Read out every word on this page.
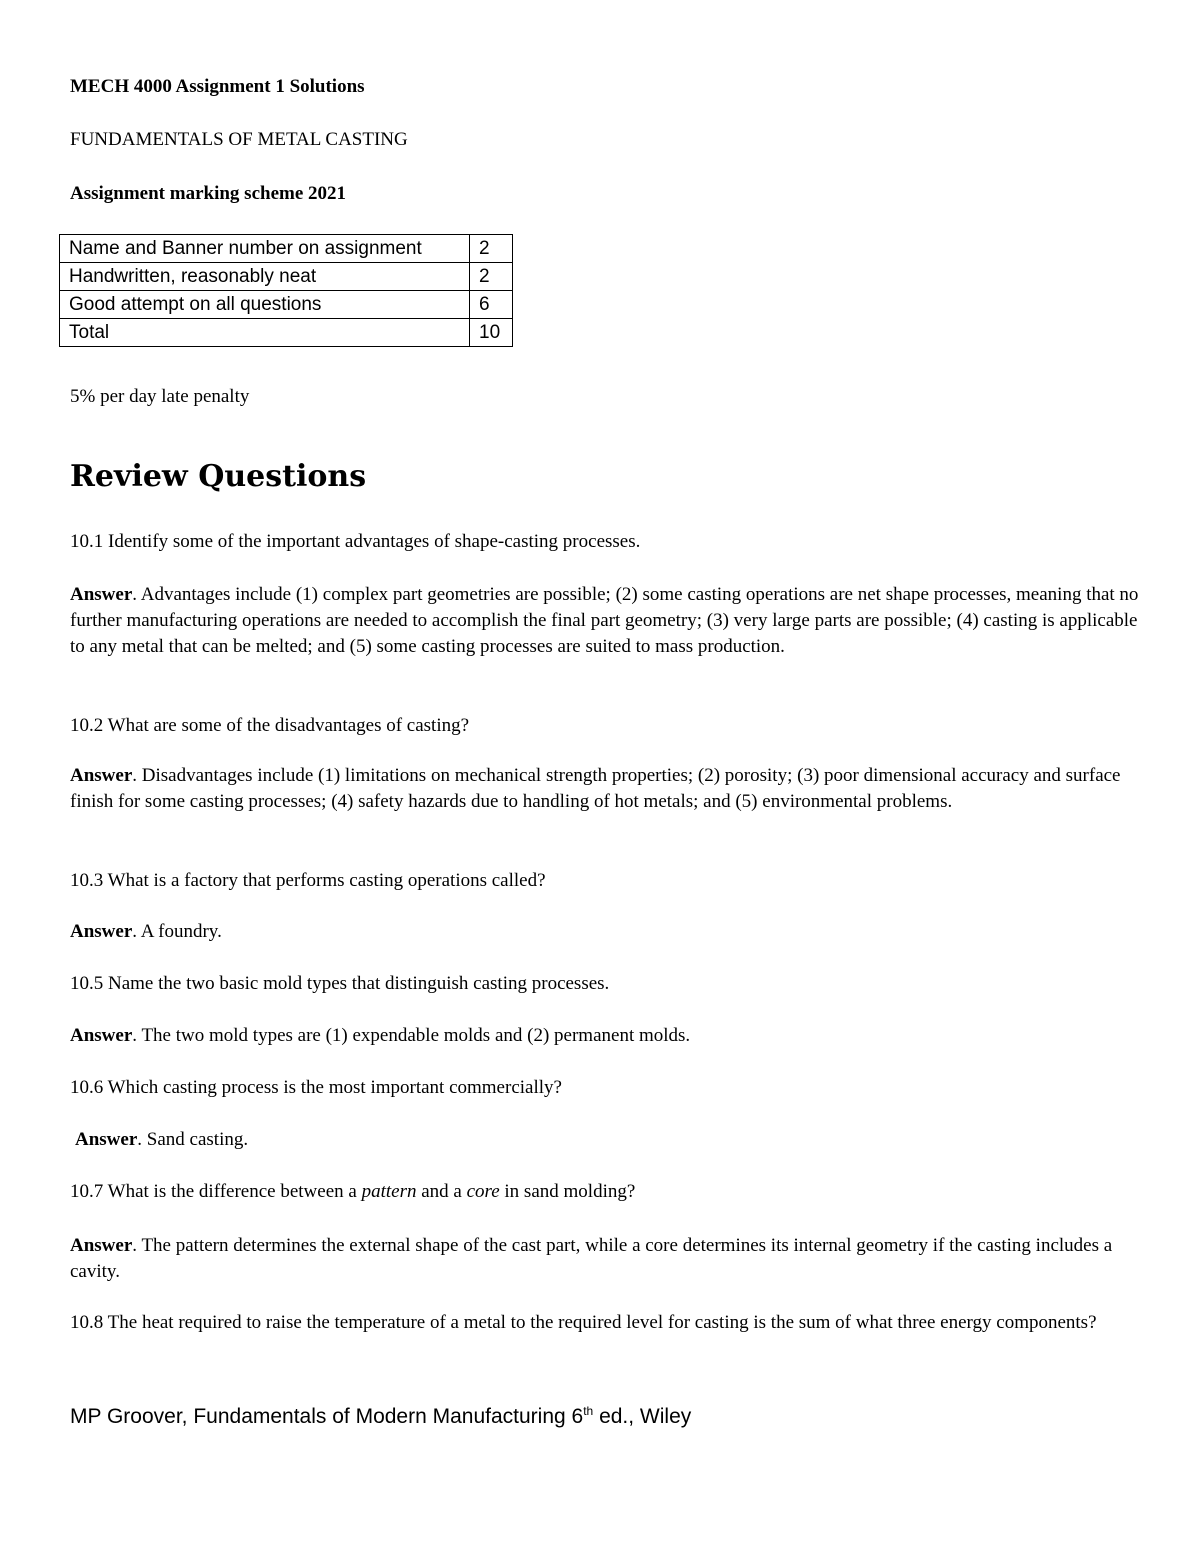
MECH 4000 Assignment 1 Solutions
FUNDAMENTALS OF METAL CASTING
Assignment marking scheme 2021
Name and Banner number on assignment	2
Handwritten, reasonably neat	2
Good attempt on all questions	6
Total	10
5% per day late penalty
Review Questions
10.1 Identify some of the important advantages of shape-casting processes.
Answer. Advantages include (1) complex part geometries are possible; (2) some casting operations are net shape processes, meaning that no further manufacturing operations are needed to accomplish the final part geometry; (3) very large parts are possible; (4) casting is applicable to any metal that can be melted; and (5) some casting processes are suited to mass production.
10.2 What are some of the disadvantages of casting?
Answer. Disadvantages include (1) limitations on mechanical strength properties; (2) porosity; (3) poor dimensional accuracy and surface finish for some casting processes; (4) safety hazards due to handling of hot metals; and (5) environmental problems.
10.3 What is a factory that performs casting operations called?
Answer. A foundry.
10.5 Name the two basic mold types that distinguish casting processes.
Answer. The two mold types are (1) expendable molds and (2) permanent molds.
10.6 Which casting process is the most important commercially?
Answer. Sand casting.
10.7 What is the difference between a pattern and a core in sand molding?
Answer. The pattern determines the external shape of the cast part, while a core determines its internal geometry if the casting includes a cavity.
10.8 The heat required to raise the temperature of a metal to the required level for casting is the sum of what three energy components?
MP Groover, Fundamentals of Modern Manufacturing 6th ed., Wiley
